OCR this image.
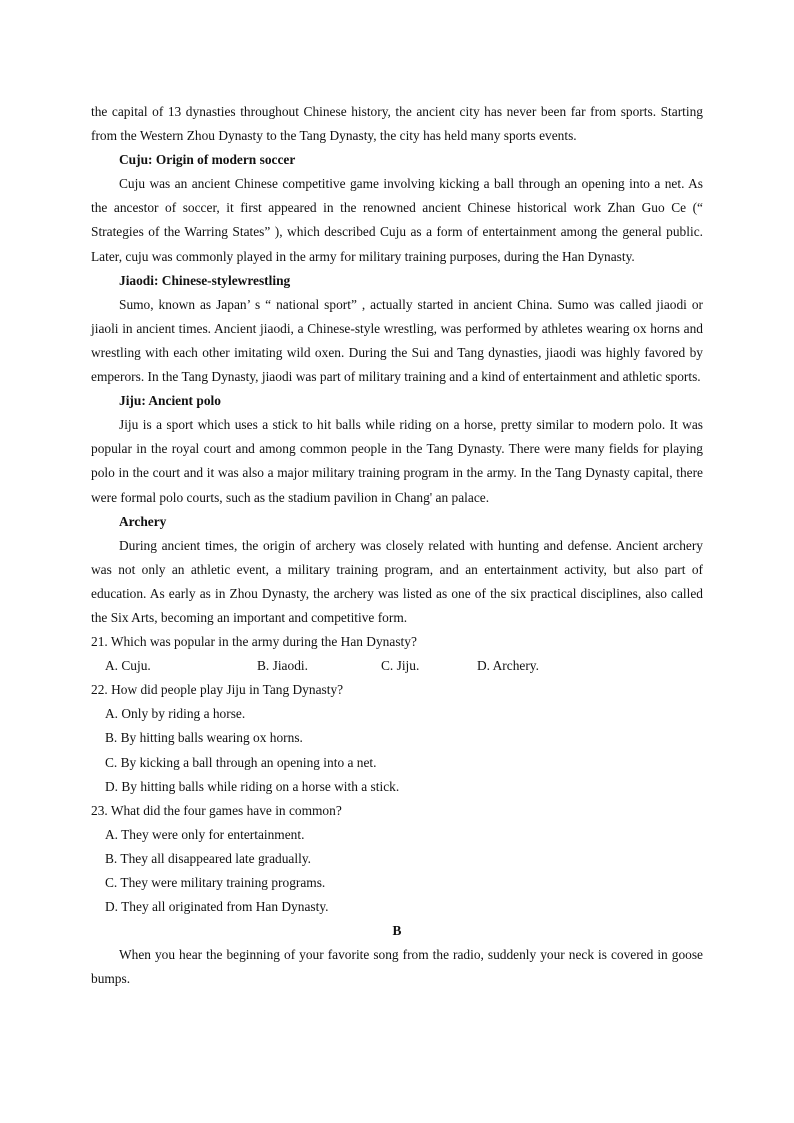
the capital of 13 dynasties throughout Chinese history, the ancient city has never been far from sports. Starting from the Western Zhou Dynasty to the Tang Dynasty, the city has held many sports events.

Cuju: Origin of modern soccer

Cuju was an ancient Chinese competitive game involving kicking a ball through an opening into a net. As the ancestor of soccer, it first appeared in the renowned ancient Chinese historical work Zhan Guo Ce (“ Strategies of the Warring States” ), which described Cuju as a form of entertainment among the general public. Later, cuju was commonly played in the army for military training purposes, during the Han Dynasty.

Jiaodi: Chinese-stylewrestling

Sumo, known as Japan’ s “ national sport” , actually started in ancient China. Sumo was called jiaodi or jiaoli in ancient times. Ancient jiaodi, a Chinese-style wrestling, was performed by athletes wearing ox horns and wrestling with each other imitating wild oxen. During the Sui and Tang dynasties, jiaodi was highly favored by emperors. In the Tang Dynasty, jiaodi was part of military training and a kind of entertainment and athletic sports.

Jiju: Ancient polo

Jiju is a sport which uses a stick to hit balls while riding on a horse, pretty similar to modern polo. It was popular in the royal court and among common people in the Tang Dynasty. There were many fields for playing polo in the court and it was also a major military training program in the army. In the Tang Dynasty capital, there were formal polo courts, such as the stadium pavilion in Chang' an palace.

Archery

During ancient times, the origin of archery was closely related with hunting and defense. Ancient archery was not only an athletic event, a military training program, and an entertainment activity, but also part of education. As early as in Zhou Dynasty, the archery was listed as one of the six practical disciplines, also called the Six Arts, becoming an important and competitive form.

21. Which was popular in the army during the Han Dynasty?

A. Cuju.	B. Jiaodi.	C. Jiju.	D. Archery.

22. How did people play Jiju in Tang Dynasty?

A. Only by riding a horse.

B. By hitting balls wearing ox horns.

C. By kicking a ball through an opening into a net.

D. By hitting balls while riding on a horse with a stick.

23. What did the four games have in common?

A. They were only for entertainment.

B. They all disappeared late gradually.

C. They were military training programs.

D. They all originated from Han Dynasty.

B

When you hear the beginning of your favorite song from the radio, suddenly your neck is covered in goose bumps.
